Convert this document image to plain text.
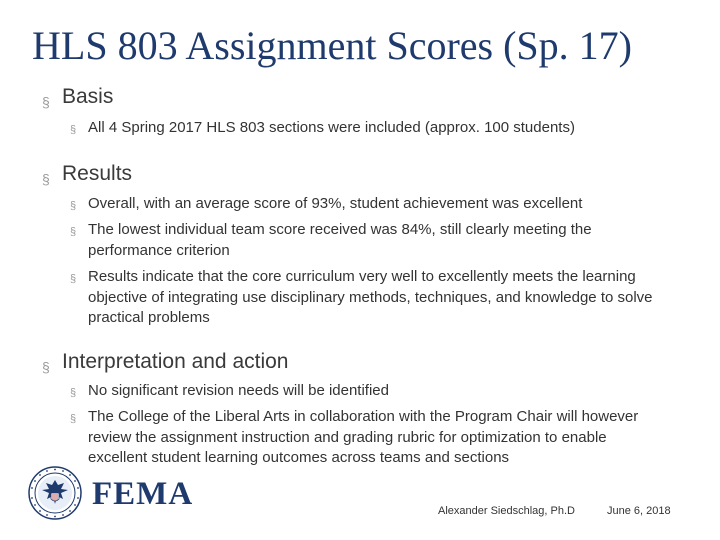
HLS 803 Assignment Scores (Sp. 17)
§ Basis
§ All 4 Spring 2017 HLS 803 sections were included (approx. 100 students)
§ Results
§ Overall, with an average score of 93%, student achievement was excellent
§ The lowest individual team score received was 84%, still clearly meeting the performance criterion
§ Results indicate that the core curriculum very well to excellently meets the learning objective of integrating use disciplinary methods, techniques, and knowledge to solve practical problems
§ Interpretation and action
§ No significant revision needs will be identified
§ The College of the Liberal Arts in collaboration with the Program Chair will however review the assignment instruction and grading rubric for optimization to enable excellent student learning outcomes across teams and sections
FEMA	Alexander Siedschlag, Ph.D	June 6, 2018
